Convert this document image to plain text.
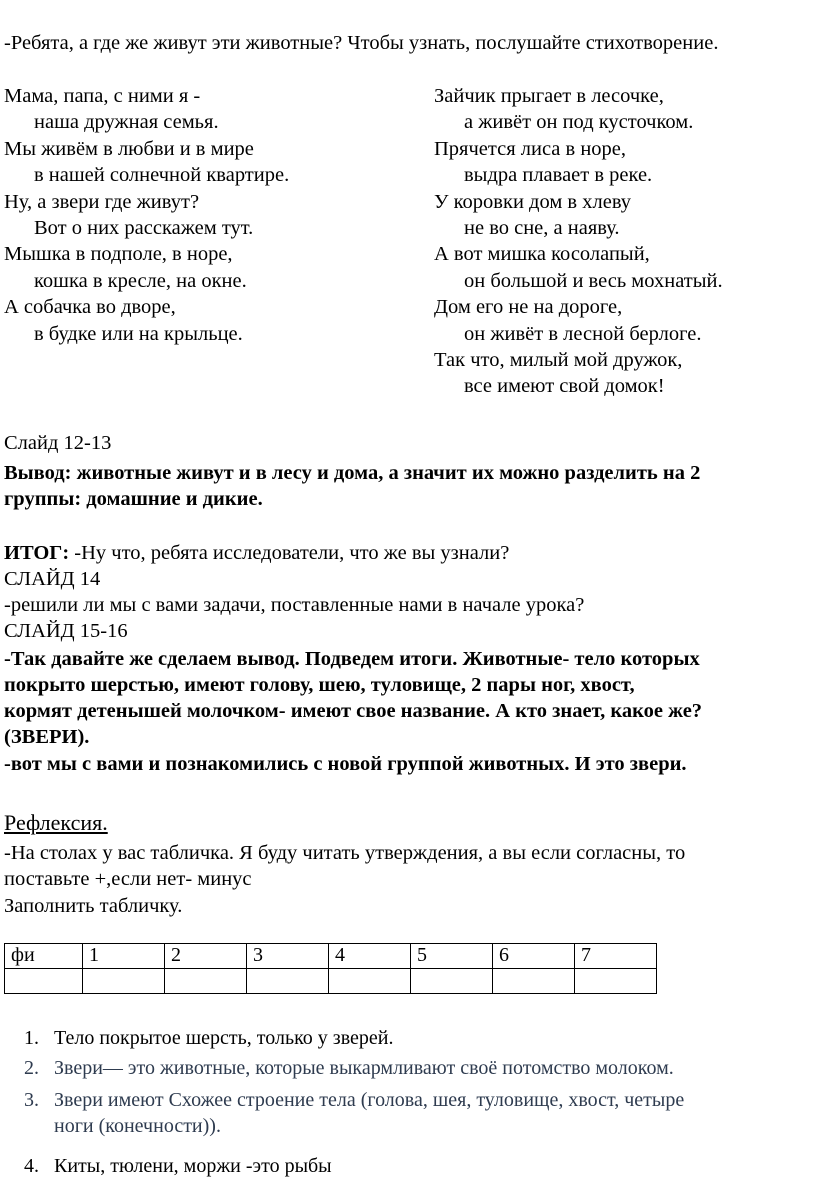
-Ребята, а где же живут эти животные? Чтобы узнать, послушайте стихотворение.
Мама, папа, с ними я -
наша дружная семья.
Мы живём в любви и в мире
в нашей солнечной квартире.
Ну, а звери где живут?
Вот о них расскажем тут.
Мышка в подполе, в норе,
кошка в кресле, на окне.
А собачка во дворе,
в будке или на крыльце.
Зайчик прыгает в лесочке,
а живёт он под кусточком.
Прячется лиса в норе,
выдра плавает в реке.
У коровки дом в хлеву
не во сне, а наяву.
А вот мишка косолапый,
он большой и весь мохнатый.
Дом его не на дороге,
он живёт в лесной берлоге.
Так что, милый мой дружок,
все имеют свой домок!
Слайд 12-13
Вывод: животные живут и в лесу и дома, а значит их можно разделить на 2
группы: домашние и дикие.
ИТОГ: -Ну что, ребята исследователи, что же вы узнали?
СЛАЙД 14
-решили ли мы с вами задачи, поставленные нами в начале урока?
СЛАЙД 15-16
-Так давайте же сделаем вывод. Подведем итоги. Животные- тело которых
покрыто шерстью, имеют голову, шею, туловище, 2 пары ног, хвост,
кормят детенышей молочком- имеют свое название. А кто знает, какое же?
(ЗВЕРИ).
-вот мы с вами и познакомились с новой группой животных. И это звери.
Рефлексия.
-На столах у вас табличка. Я буду читать утверждения, а вы если согласны, то
поставьте +,если нет- минус
Заполнить табличку.
фи	1	2	3	4	5	6	7

1. Тело покрытое шерсть, только у зверей.
2. Звери— это животные, которые выкармливают своё потомство молоком.
3. Звери имеют Схожее строение тела (голова, шея, туловище, хвост, четыре
ноги (конечности)).
4. Киты, тюлени, моржи -это рыбы
